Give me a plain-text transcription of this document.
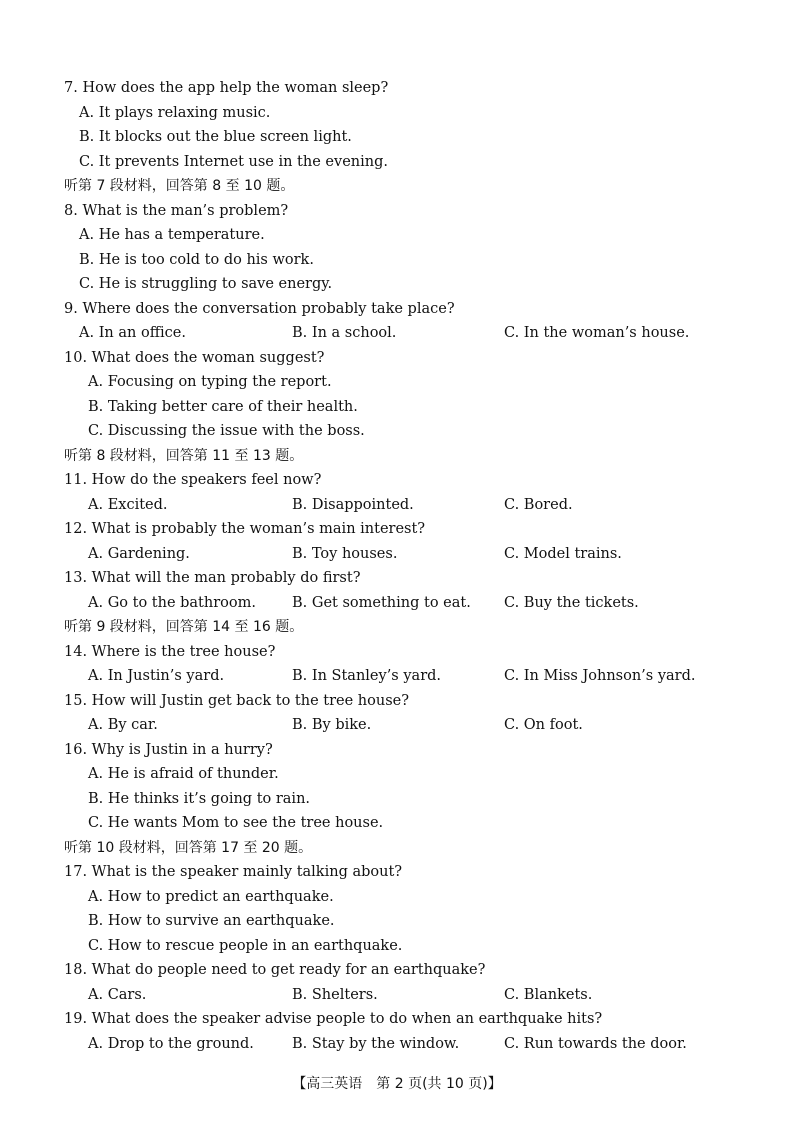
7. How does the app help the woman sleep?
A. It plays relaxing music.
B. It blocks out the blue screen light.
C. It prevents Internet use in the evening.
听第 7 段材料，回答第 8 至 10 题。
8. What is the man’s problem?
A. He has a temperature.
B. He is too cold to do his work.
C. He is struggling to save energy.
9. Where does the conversation probably take place?
A. In an office.	B. In a school.	C. In the woman’s house.
10. What does the woman suggest?
A. Focusing on typing the report.
B. Taking better care of their health.
C. Discussing the issue with the boss.
听第 8 段材料，回答第 11 至 13 题。
11. How do the speakers feel now?
A. Excited.	B. Disappointed.	C. Bored.
12. What is probably the woman’s main interest?
A. Gardening.	B. Toy houses.	C. Model trains.
13. What will the man probably do first?
A. Go to the bathroom. B. Get something to eat. C. Buy the tickets.
听第 9 段材料，回答第 14 至 16 题。
14. Where is the tree house?
A. In Justin’s yard.	B. In Stanley’s yard.	C. In Miss Johnson’s yard.
15. How will Justin get back to the tree house?
A. By car.	B. By bike.	C. On foot.
16. Why is Justin in a hurry?
A. He is afraid of thunder.
B. He thinks it’s going to rain.
C. He wants Mom to see the tree house.
听第 10 段材料，回答第 17 至 20 题。
17. What is the speaker mainly talking about?
A. How to predict an earthquake.
B. How to survive an earthquake.
C. How to rescue people in an earthquake.
18. What do people need to get ready for an earthquake?
A. Cars.	B. Shelters.	C. Blankets.
19. What does the speaker advise people to do when an earthquake hits?
A. Drop to the ground.	B. Stay by the window.	C. Run towards the door.
【高三英语　第 2 页(共 10 页)】
